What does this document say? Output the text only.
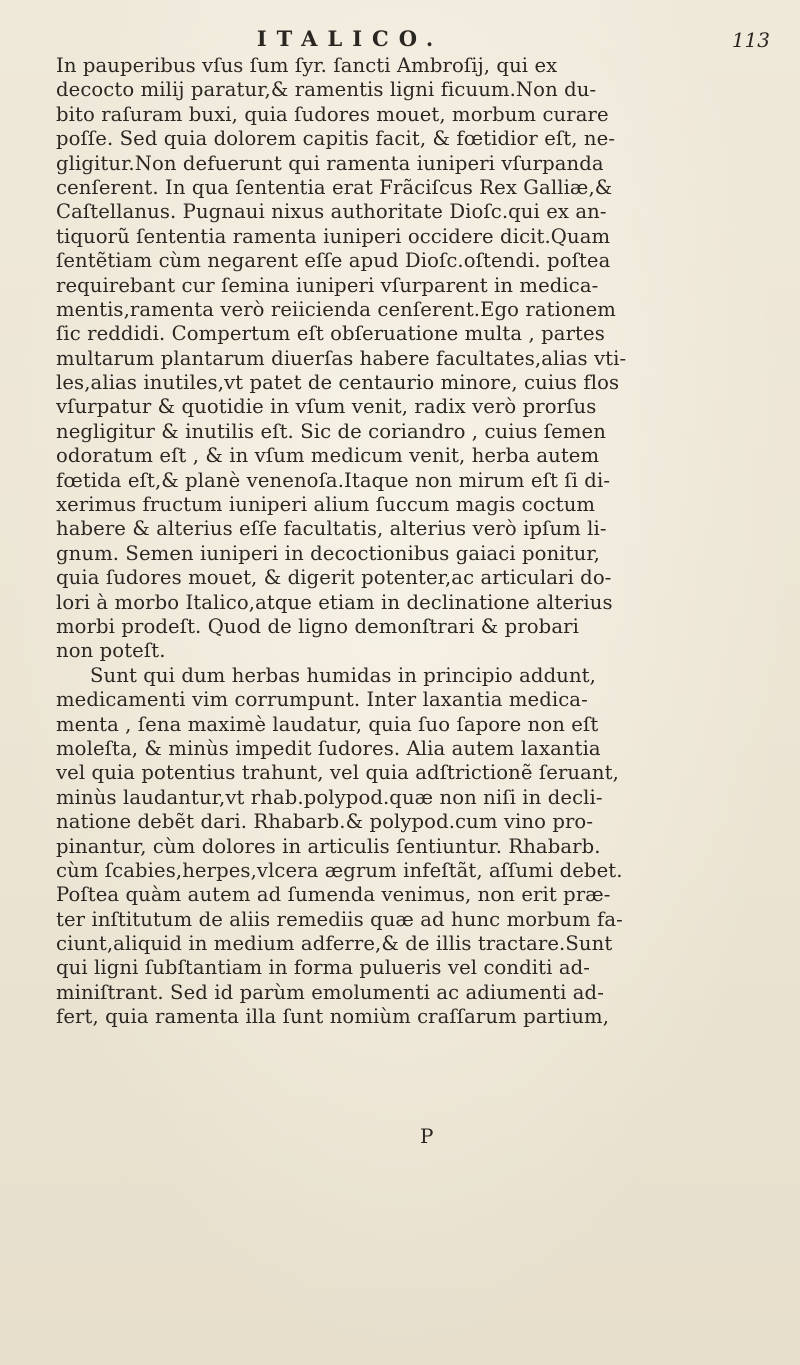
ITALICO.	113
In pauperibus vſus ſum ſyr. ſancti Ambroſij, qui ex
decocto milij paratur,& ramentis ligni ficuum.Non du-
bito raſuram buxi, quia ſudores mouet, morbum curare
poſſe. Sed quia dolorem capitis facit, & fœtidior eſt, ne-
gligitur.Non defuerunt qui ramenta iuniperi vſurpanda
cenſerent. In qua ſententia erat Frãciſcus Rex Galliæ,&
Caſtellanus. Pugnaui nixus authoritate Dioſc.qui ex an-
tiquorũ ſententia ramenta iuniperi occidere dicit.Quam
ſentẽtiam cùm negarent eſſe apud Dioſc.oſtendi. poſtea
requirebant cur ſemina iuniperi vſurparent in medica-
mentis,ramenta verò reiicienda cenſerent.Ego rationem
ſic reddidi. Compertum eſt obſeruatione multa , partes
multarum plantarum diuerſas habere facultates,alias vti-
les,alias inutiles,vt patet de centaurio minore, cuius flos
vſurpatur & quotidie in vſum venit, radix verò prorſus
negligitur & inutilis eſt. Sic de coriandro , cuius ſemen
odoratum eſt , & in vſum medicum venit, herba autem
fœtida eſt,& planè venenoſa.Itaque non mirum eſt ſi di-
xerimus fructum iuniperi alium ſuccum magis coctum
habere & alterius eſſe facultatis, alterius verò ipſum li-
gnum. Semen iuniperi in decoctionibus gaiaci ponitur,
quia ſudores mouet, & digerit potenter,ac articulari do-
lori à morbo Italico,atque etiam in declinatione alterius
morbi prodeſt. Quod de ligno demonſtrari & probari
non poteſt.
Sunt qui dum herbas humidas in principio addunt,
medicamenti vim corrumpunt. Inter laxantia medica-
menta , ſena maximè laudatur, quia ſuo ſapore non eſt
moleſta, & minùs impedit ſudores. Alia autem laxantia
vel quia potentius trahunt, vel quia adſtrictionẽ ſeruant,
minùs laudantur,vt rhab.polypod.quæ non niſi in decli-
natione debẽt dari. Rhabarb.& polypod.cum vino pro-
pinantur, cùm dolores in articulis ſentiuntur. Rhabarb.
cùm ſcabies,herpes,vlcera ægrum infeſtãt, aſſumi debet.
Poſtea quàm autem ad ſumenda venimus, non erit præ-
ter inſtitutum de aliis remediis quæ ad hunc morbum fa-
ciunt,aliquid in medium adferre,& de illis tractare.Sunt
qui ligni ſubſtantiam in forma pulueris vel conditi ad-
miniſtrant. Sed id parùm emolumenti ac adiumenti ad-
fert, quia ramenta illa ſunt nomiùm craſſarum partium,
P
